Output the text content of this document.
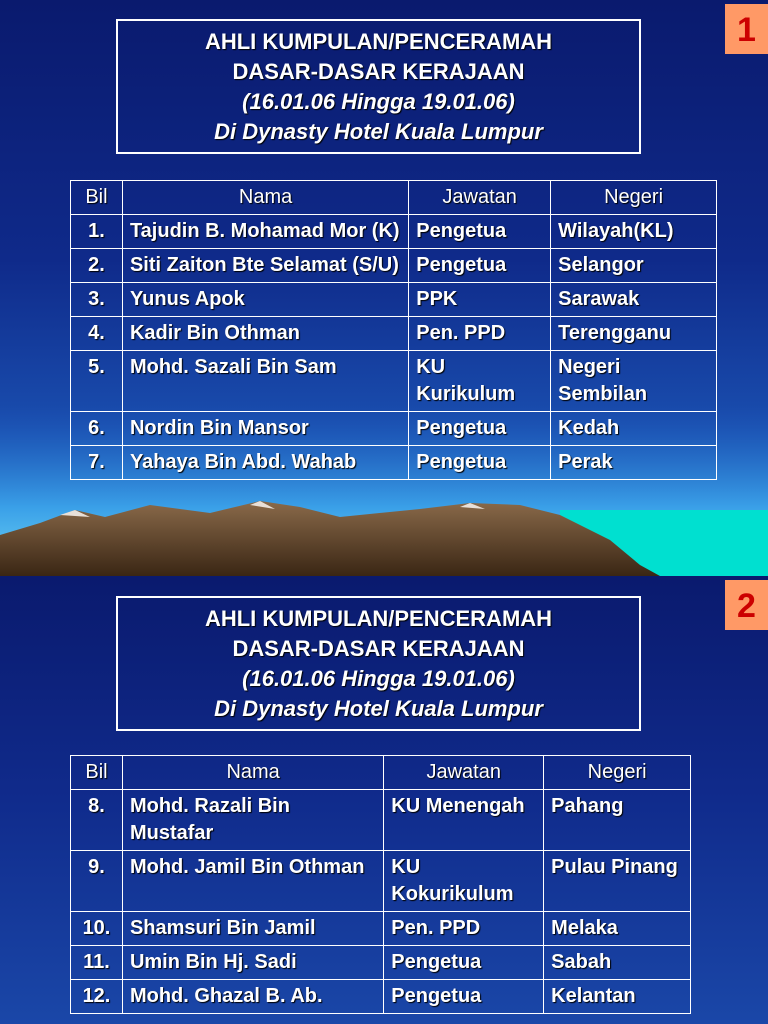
1
AHLI KUMPULAN/PENCERAMAH
DASAR-DASAR KERAJAAN
(16.01.06 Hingga 19.01.06)
Di Dynasty Hotel Kuala Lumpur
Bil	Nama	Jawatan	Negeri
1.	Tajudin B. Mohamad Mor (K)	Pengetua	Wilayah(KL)
2.	Siti Zaiton Bte Selamat (S/U)	Pengetua	Selangor
3.	Yunus Apok	PPK	Sarawak
4.	Kadir Bin Othman	Pen. PPD	Terengganu
5.	Mohd. Sazali Bin Sam	KU Kurikulum	Negeri Sembilan
6.	Nordin Bin Mansor	Pengetua	Kedah
7.	Yahaya Bin Abd. Wahab	Pengetua	Perak
2
AHLI KUMPULAN/PENCERAMAH
DASAR-DASAR KERAJAAN
(16.01.06 Hingga 19.01.06)
Di Dynasty Hotel Kuala Lumpur
Bil	Nama	Jawatan	Negeri
8.	Mohd. Razali Bin Mustafar	KU Menengah	Pahang
9.	Mohd. Jamil Bin Othman	KU Kokurikulum	Pulau Pinang
10.	Shamsuri Bin Jamil	Pen. PPD	Melaka
11.	Umin Bin Hj. Sadi	Pengetua	Sabah
12.	Mohd. Ghazal B. Ab.	Pengetua	Kelantan
